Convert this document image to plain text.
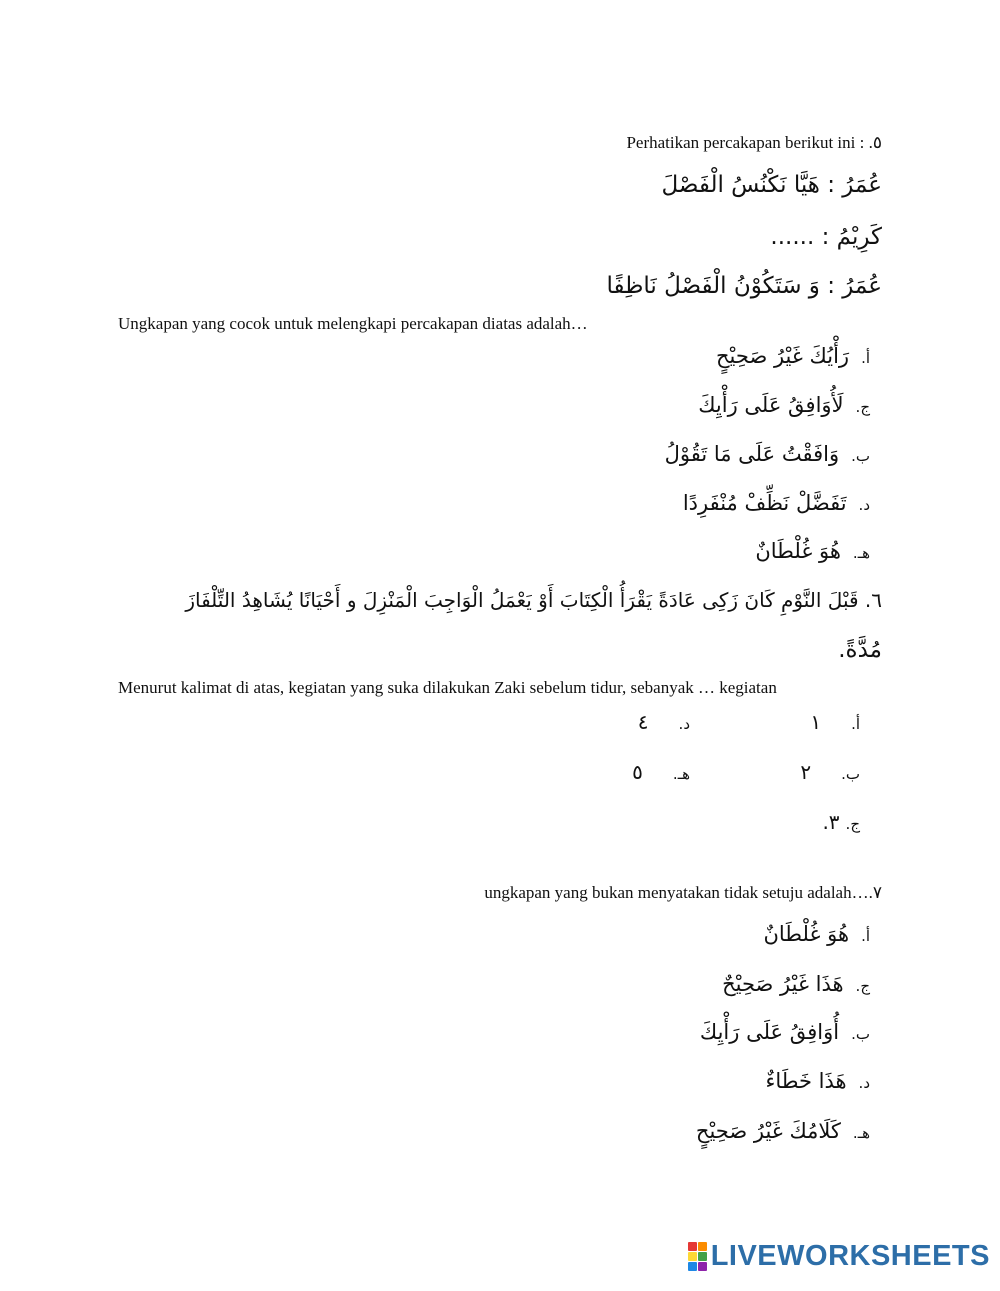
Perhatikan percakapan berikut ini : .٥
عُمَرُ : هَيَّا نَكْنُسُ الْفَصْلَ
كَرِيْمُ : ......
عُمَرُ : وَ سَتَكُوْنُ الْفَصْلُ نَاظِفًا
Ungkapan yang cocok untuk melengkapi percakapan diatas adalah…
أ.رَأْيُكَ غَيْرُ صَحِيْحٍ
ج.لَأُوَافِقُ عَلَى رَأْيِكَ
ب.وَافَقْتُ عَلَى مَا تَقُوْلُ
د.تَفَضَّلْ نَظِّفْ مُنْفَرِدًا
هـ.هُوَ غُلْطَانٌ
٦. قَبْلَ النَّوْمِ كَانَ زَكِى عَادَةً يَقْرَأُ الْكِتَابَ أَوْ يَعْمَلُ الْوَاجِبَ الْمَنْزِلَ و أَحْيَانًا يُشَاهِدُ التِّلْفَازَ
مُدَّةً.
Menurut kalimat di atas, kegiatan yang suka dilakukan Zaki sebelum tidur, sebanyak … kegiatan
أ.١
د.٤
ب.٢
هـ.٥
ج.٣.
ungkapan yang bukan menyatakan tidak setuju adalah….٧
أ.هُوَ غُلْطَانٌ
ج.هَذَا غَيْرُ صَحِيْحٌ
ب.أُوَافِقُ عَلَى رَأْيِكَ
د.هَذَا خَطَاءٌ
هـ.كَلَامُكَ غَيْرُ صَحِيْحٍ
LIVEWORKSHEETS
